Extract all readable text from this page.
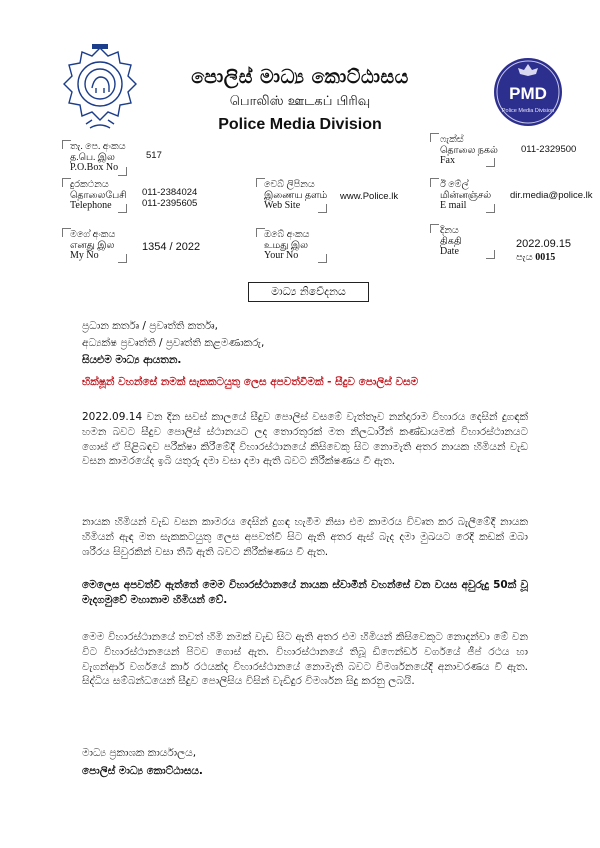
PMD
Police Media Division
පොලිස් මාධ්‍ය කොට්ඨාසය
பொலிஸ் ஊடகப் பிரிவு
Police Media Division
තැ. පෙ. අංකය
த.பெ. இல
P.O.Box No
517
ෆැක්ස්
தொலை நகல்
Fax
011-2329500
දුරකථනය
தொலைபேசி
Telephone
011-2384024
011-2395605
වෙබ් ලිපිනය
இணைய தளம்
Web Site
www.Police.lk
ඊ මේල්
மின்னஞ்சல்
E mail
dir.media@police.lk
මගේ අංකය
எனது இல
My No
1354 / 2022
ඔබේ අංකය
உமது இல
Your No
දිනය
திகதி
Date
2022.09.15
පැය 0015
මාධ්‍ය නිවේදනය
ප්‍රධාන කර්තෘ / ප්‍රවෘත්ති කර්තෘ,
අධ්‍යක්ෂ ප්‍රවෘත්ති / ප්‍රවෘත්ති කළමණාකරු,
සියළුම මාධ්‍ය ආයතන.
භික්ෂූන් වහන්සේ නමක් සැකකටයුතු ලෙස අපවත්වීමක් - සීදුව පොලිස් වසම
2022.09.14 වන දින සවස් කාලයේ සීදුව පොලිස් වසමේ වැත්තෑව නන්දාරාම විහාරය දෙසින් දුගඳක් හමන බවට සීදුව පොලිස් ස්ථානයට ලද තොරතුරක් මත නිලධාරීන් කණ්ඩායමක් විහාරස්ථානයට ගොස් ඒ පිළිබඳව පරීක්ෂා කිරීමේදී විහාරස්ථානයේ කිසිවෙකු සිට නොමැති අතර නායක හිමියන් වැඩ වසන කාමරයේද ඉබි යතුරු දමා වසා දමා ඇති බවට නිරීක්ෂණය වී ඇත.
නායක හිමියන් වැඩ වසන කාමරය දෙසින් දුගඳ හැමීම නිසා එම කාමරය විවෘත කර බැලීමේදී නායක හිමියන් ඇඳ මත සැකකටයුතු ලෙස අපවත්වී සිට ඇති අතර ඇස් බැද දමා මුඛයට රෙදි කඩක් ඔබා ශරීරය සිවුරකින් වසා තිබී ඇති බවට නිරීක්ෂණය වී ඇත.
මෙලෙස අපවත්වී ඇත්තේ මෙම විහාරස්ථානයේ නායක ස්වාමීන් වහන්සේ වන වයස අවුරුදු 50ක් වූ මැදගමුවේ මහානාම හිමියන් වේ.
මෙම විහාරස්ථානයේ තවත් හිමි නමක් වැඩ සිට ඇති අතර එම හිමියන් කිසිවෙකුට නොදන්වා මේ වන විට විහාරස්ථානයෙන් පිටව ගොස් ඇත. විහාරස්ථානයේ තිබූ ඩිෆෙන්ඩර් වර්ගයේ ජීප් රථය හා වැගන්ආර් වර්ගයේ කාර් රථයක්ද විහාරස්ථානයේ නොමැති බවට විමර්ශනයේදී අනාවරණය වී ඇත. සිද්ධිය සම්බන්ධයෙන් සීදුව පොලිසිය විසින් වැඩිදුර විමර්ශන සිදු කරනු ලබයි.
මාධ්‍ය ප්‍රකාශක කාර්යාලය,
පොලිස් මාධ්‍ය කොට්ඨාසය.
